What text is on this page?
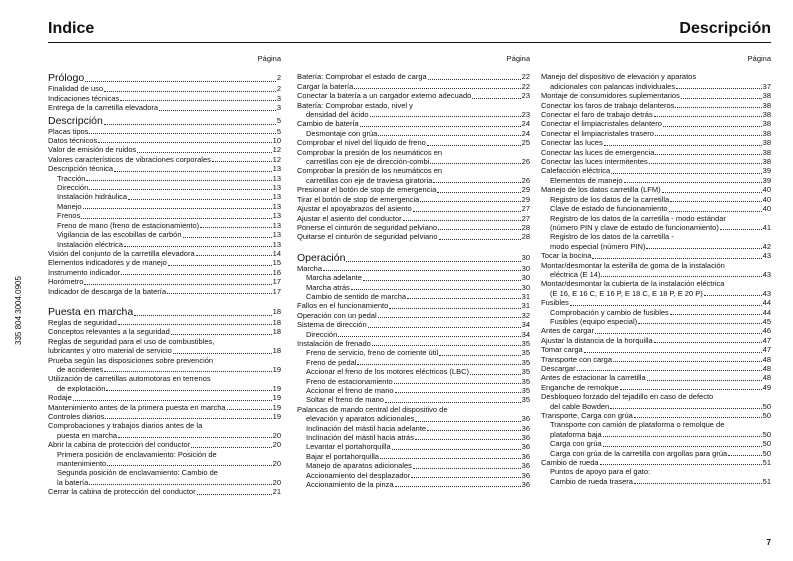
Indice	Descripción
335 804 3004.0905
Página
Prólogo	2
Finalidad de uso	2
Indicaciones técnicas	3
Entrega de la carretilla elevadora	3
Descripción	5
Placas tipos	5
Datos técnicos	10
Valor de emisión de ruidos	12
Valores característicos de vibraciones corporales	12
Descripción técnica	13
Tracción	13
Dirección	13
Instalación hidráulica	13
Manejo	13
Frenos	13
Freno de mano (freno de estacionamiento)	13
Vigilancia de las escobillas de carbón	13
Instalación eléctrica	13
Visión del conjunto de la carretilla elevadora	14
Elementos indicadores y de manejo	15
Instrumento indicador	16
Horómetro	17
Indicador de descarga de la batería	17
Puesta en marcha	18
Reglas de seguridad	18
Conceptos relevantes a la seguridad	18
Reglas de seguridad para el uso de combustibles,
lubricantes y otro material de servicio	18
Prueba según las disposiciones sobre prevención
de accidentes	19
Utilización de carretillas automotoras en terrenos
de explotación	19
Rodaje	19
Mantenimiento antes de la primera puesta en marcha	19
Controles diarios	19
Comprobaciones y trabajos diarios antes de la
puesta en marcha	20
Abrir la cabina de protección del conductor	20
Primera posición de enclavamiento: Posición de
mantenimiento	20
Segunda posición de enclavamiento: Cambio de
la batería	20
Cerrar la cabina de protección del conductor	21
Página
Batería: Comprobar el estado de carga	22
Cargar la batería	22
Conectar la batería a un cargador externo adecuado	23
Batería: Comprobar estado, nivel y
densidad del ácido	23
Cambio de batería	24
Desmontaje con grúa	24
Comprobar el nivel del líquido de freno	25
Comprobar la presión de los neumáticos en
carretillas con eje de dirección-combi	26
Comprobar la presión de los neumáticos en
carretillas con eje de traviesa giratoria	26
Presionar el botón de stop de emergencia	29
Tirar el botón de stop de emergencia	29
Ajustar el apoyabrazos del asiento	27
Ajustar el asiento del conductor	27
Ponerse el cinturón de seguridad pelviano	28
Quitarse el cinturón de seguridad pelviano	28
Operación	30
Marcha	30
Marcha adelante	30
Marcha atrás	30
Cambio de sentido de marcha	31
Fallos en el funcionamiento	31
Operación con un pedal	32
Sistema de dirección	34
Dirección	34
Instalación de frenado	35
Freno de servicio, freno de corriente útil	35
Freno de pedal	35
Accionar el freno de los motores eléctricos (LBC)	35
Freno de estacionamiento	35
Accionar el freno de mano	35
Soltar el freno de mano	35
Palancas de mando central del dispositivo de
elevación y aparatos adicionales	36
Inclinación del mástil hacia adelante	36
Inclinación del mástil hacia atrás	36
Levantar el portahorquilla	36
Bajar el portahorquilla	36
Manejo de aparatos adicionales	36
Accionamiento del desplazador	36
Accionamiento de la pinza	36
Página
Manejo del dispositivo de elevación y aparatos
adicionales con palancas individuales	37
Montaje de consumidores suplementarios	38
Conectar los faros de trabajo delanteros	38
Conectar el faro de trabajo detrás	38
Conectar el limpiacristales delantero	38
Conectar el limpiacristales trasero	38
Conectar las luces	38
Conectar las luces de emergencia	38
Conectar las luces intermitentes	38
Calefacción eléctrica	39
Elementos de manejo	39
Manejo de los datos carretilla (LFM)	40
Registro de los datos de la carretilla	40
Clave de estado de funcionamiento	40
Registro de los datos de la carretilla - modo estándar
(número PIN y clave de estado de funcionamiento)	41
Registro de los datos de la carretilla -
modo especial (número PIN)	42
Tocar la bocina	43
Montar/desmontar la esterilla de goma de la instalación
eléctrica (E 14)	43
Montar/desmontar la cubierta de la instalación eléctrica
(E 16, E 16 C, E 16 P, E 18 C, E 18 P, E 20 P)	43
Fusibles	44
Comprobación y cambio de fusibles	44
Fusibles (equipo especial)	45
Antes de cargar	46
Ajustar la distancia de la horquilla	47
Tomar carga	47
Transporte con carga	48
Descargar	48
Antes de estacionar la carretilla	48
Enganche de remolque	49
Desbloqueo forzado del tejadillo en caso de defecto
del cable Bowden	50
Transporte, Carga con grúa	50
Transporte con camión de plataforma o remolque de
plataforma baja	50
Carga con grúa	50
Carga con grúa de la carretilla con argollas para grúa	50
Cambio de rueda	51
Puntos de apoyo para el gato:
Cambio de rueda trasera	51
7
